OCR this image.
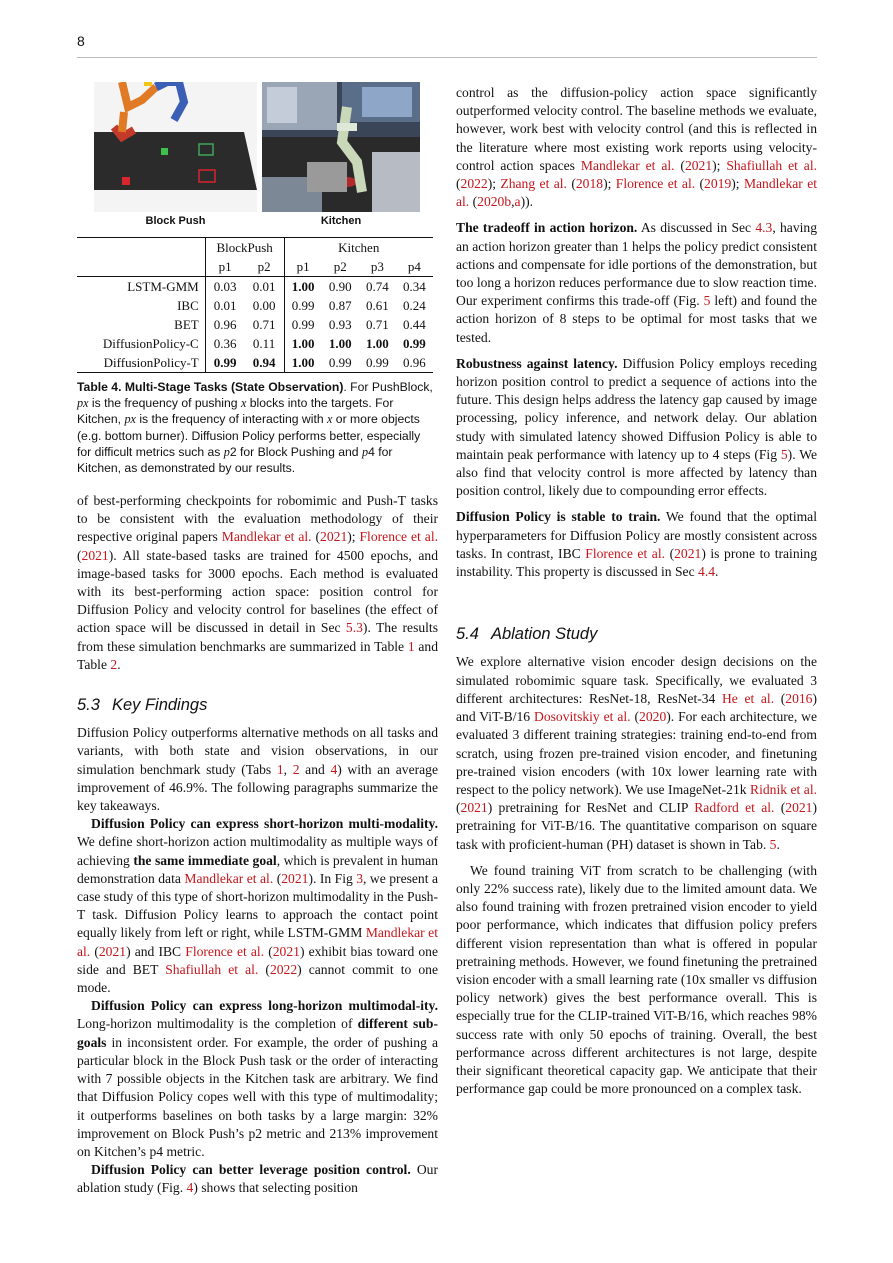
8
Block Push	Kitchen
	BlockPush		Kitchen			
	p1	p2	p1	p2	p3	p4
LSTM-GMM	0.03	0.01	1.00	0.90	0.74	0.34
IBC	0.01	0.00	0.99	0.87	0.61	0.24
BET	0.96	0.71	0.99	0.93	0.71	0.44
DiffusionPolicy-C	0.36	0.11	1.00	1.00	1.00	0.99
DiffusionPolicy-T	0.99	0.94	1.00	0.99	0.99	0.96
Table 4. Multi-Stage Tasks (State Observation). For PushBlock, px is the frequency of pushing x blocks into the targets. For Kitchen, px is the frequency of interacting with x or more objects (e.g. bottom burner). Diffusion Policy performs better, especially for difficult metrics such as p2 for Block Pushing and p4 for Kitchen, as demonstrated by our results.

of best-performing checkpoints for robomimic and Push-T tasks to be consistent with the evaluation methodology of their respective original papers Mandlekar et al. (2021); Florence et al. (2021). All state-based tasks are trained for 4500 epochs, and image-based tasks for 3000 epochs. Each method is evaluated with its best-performing action space: position control for Diffusion Policy and velocity control for baselines (the effect of action space will be discussed in detail in Sec 5.3). The results from these simulation benchmarks are summarized in Table 1 and Table 2.

5.3 Key Findings

Diffusion Policy outperforms alternative methods on all tasks and variants, with both state and vision observations, in our simulation benchmark study (Tabs 1, 2 and 4) with an average improvement of 46.9%. The following paragraphs summarize the key takeaways.

Diffusion Policy can express short-horizon multi-modality. We define short-horizon action multimodality as multiple ways of achieving the same immediate goal, which is prevalent in human demonstration data Mandlekar et al. (2021). In Fig 3, we present a case study of this type of short-horizon multimodality in the Push-T task. Diffusion Policy learns to approach the contact point equally likely from left or right, while LSTM-GMM Mandlekar et al. (2021) and IBC Florence et al. (2021) exhibit bias toward one side and BET Shafiullah et al. (2022) cannot commit to one mode.

Diffusion Policy can express long-horizon multimodal-ity. Long-horizon multimodality is the completion of different sub-goals in inconsistent order. For example, the order of pushing a particular block in the Block Push task or the order of interacting with 7 possible objects in the Kitchen task are arbitrary. We find that Diffusion Policy copes well with this type of multimodality; it outperforms baselines on both tasks by a large margin: 32% improvement on Block Push’s p2 metric and 213% improvement on Kitchen’s p4 metric.

Diffusion Policy can better leverage position control. Our ablation study (Fig. 4) shows that selecting position

control as the diffusion-policy action space significantly outperformed velocity control. The baseline methods we evaluate, however, work best with velocity control (and this is reflected in the literature where most existing work reports using velocity-control action spaces Mandlekar et al. (2021); Shafiullah et al. (2022); Zhang et al. (2018); Florence et al. (2019); Mandlekar et al. (2020b,a)).

The tradeoff in action horizon. As discussed in Sec 4.3, having an action horizon greater than 1 helps the policy predict consistent actions and compensate for idle portions of the demonstration, but too long a horizon reduces performance due to slow reaction time. Our experiment confirms this trade-off (Fig. 5 left) and found the action horizon of 8 steps to be optimal for most tasks that we tested.

Robustness against latency. Diffusion Policy employs receding horizon position control to predict a sequence of actions into the future. This design helps address the latency gap caused by image processing, policy inference, and network delay. Our ablation study with simulated latency showed Diffusion Policy is able to maintain peak performance with latency up to 4 steps (Fig 5). We also find that velocity control is more affected by latency than position control, likely due to compounding error effects.

Diffusion Policy is stable to train. We found that the optimal hyperparameters for Diffusion Policy are mostly consistent across tasks. In contrast, IBC Florence et al. (2021) is prone to training instability. This property is discussed in Sec 4.4.

5.4 Ablation Study

We explore alternative vision encoder design decisions on the simulated robomimic square task. Specifically, we evaluated 3 different architectures: ResNet-18, ResNet-34 He et al. (2016) and ViT-B/16 Dosovitskiy et al. (2020). For each architecture, we evaluated 3 different training strategies: training end-to-end from scratch, using frozen pre-trained vision encoder, and finetuning pre-trained vision encoders (with 10x lower learning rate with respect to the policy network). We use ImageNet-21k Ridnik et al. (2021) pretraining for ResNet and CLIP Radford et al. (2021) pretraining for ViT-B/16. The quantitative comparison on square task with proficient-human (PH) dataset is shown in Tab. 5.

We found training ViT from scratch to be challenging (with only 22% success rate), likely due to the limited amount data. We also found training with frozen pretrained vision encoder to yield poor performance, which indicates that diffusion policy prefers different vision representation than what is offered in popular pretraining methods. However, we found finetuning the pretrained vision encoder with a small learning rate (10x smaller vs diffusion policy network) gives the best performance overall. This is especially true for the CLIP-trained ViT-B/16, which reaches 98% success rate with only 50 epochs of training. Overall, the best performance across different architectures is not large, despite their significant theoretical capacity gap. We anticipate that their performance gap could be more pronounced on a complex task.
